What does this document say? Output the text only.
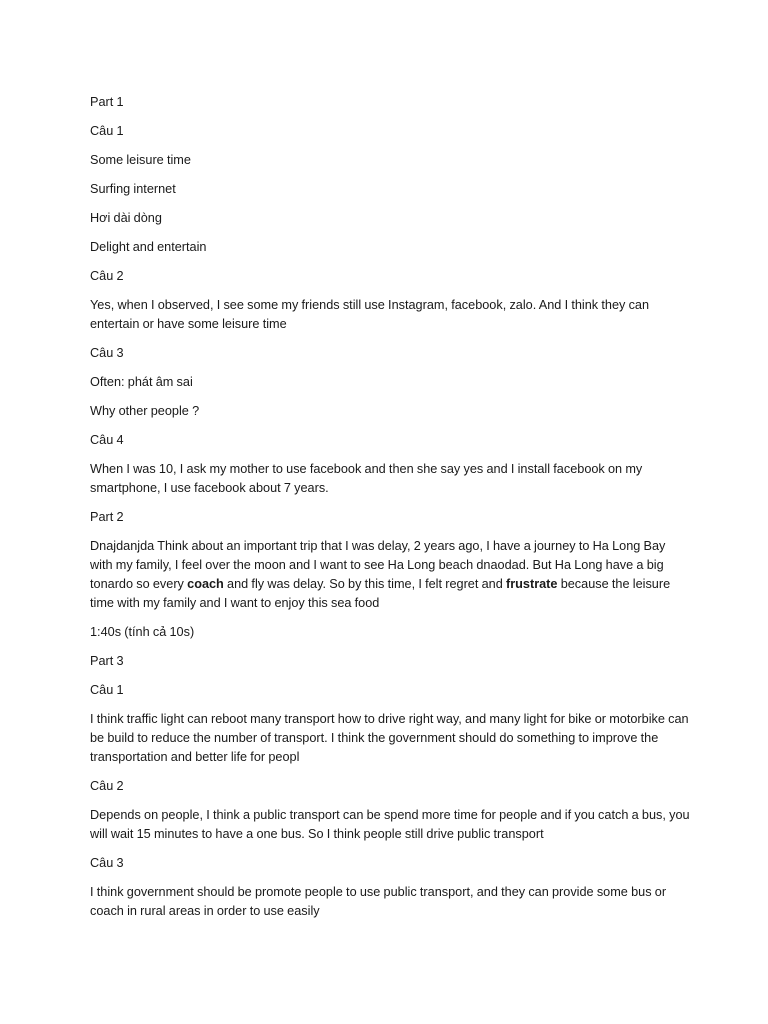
Part 1

Câu 1

Some leisure time

Surfing internet

Hơi dài dòng

Delight and entertain

Câu 2

Yes, when I observed, I see some my friends still use Instagram, facebook, zalo. And I think they can entertain or have some leisure time

Câu 3

Often: phát âm sai

Why other people ?

Câu 4

When I was 10, I ask my mother to use facebook and then she say yes and I install facebook on my smartphone, I use facebook about 7 years.

Part 2

Dnajdanjda Think about an important trip that I was delay, 2 years ago, I have a journey to Ha Long Bay with my family, I feel over the moon and I want to see Ha Long beach dnaodad. But Ha Long have a big tonardo so every coach and fly was delay. So by this time, I felt regret and frustrate because the leisure time with my family and I want to enjoy this sea food

1:40s (tính cả 10s)

Part 3

Câu 1

I think traffic light can reboot many transport how to drive right way, and many light for bike or motorbike can be build to reduce the number of transport. I think the government should do something to improve the transportation and better life for peopl

Câu 2

Depends on people, I think a public transport can be spend more time for people and if you catch a bus, you will wait 15 minutes to have a one bus. So I think people still drive public transport

Câu 3

I think government should be promote people to use public transport, and they can provide some bus or coach in rural areas in order to use easily
